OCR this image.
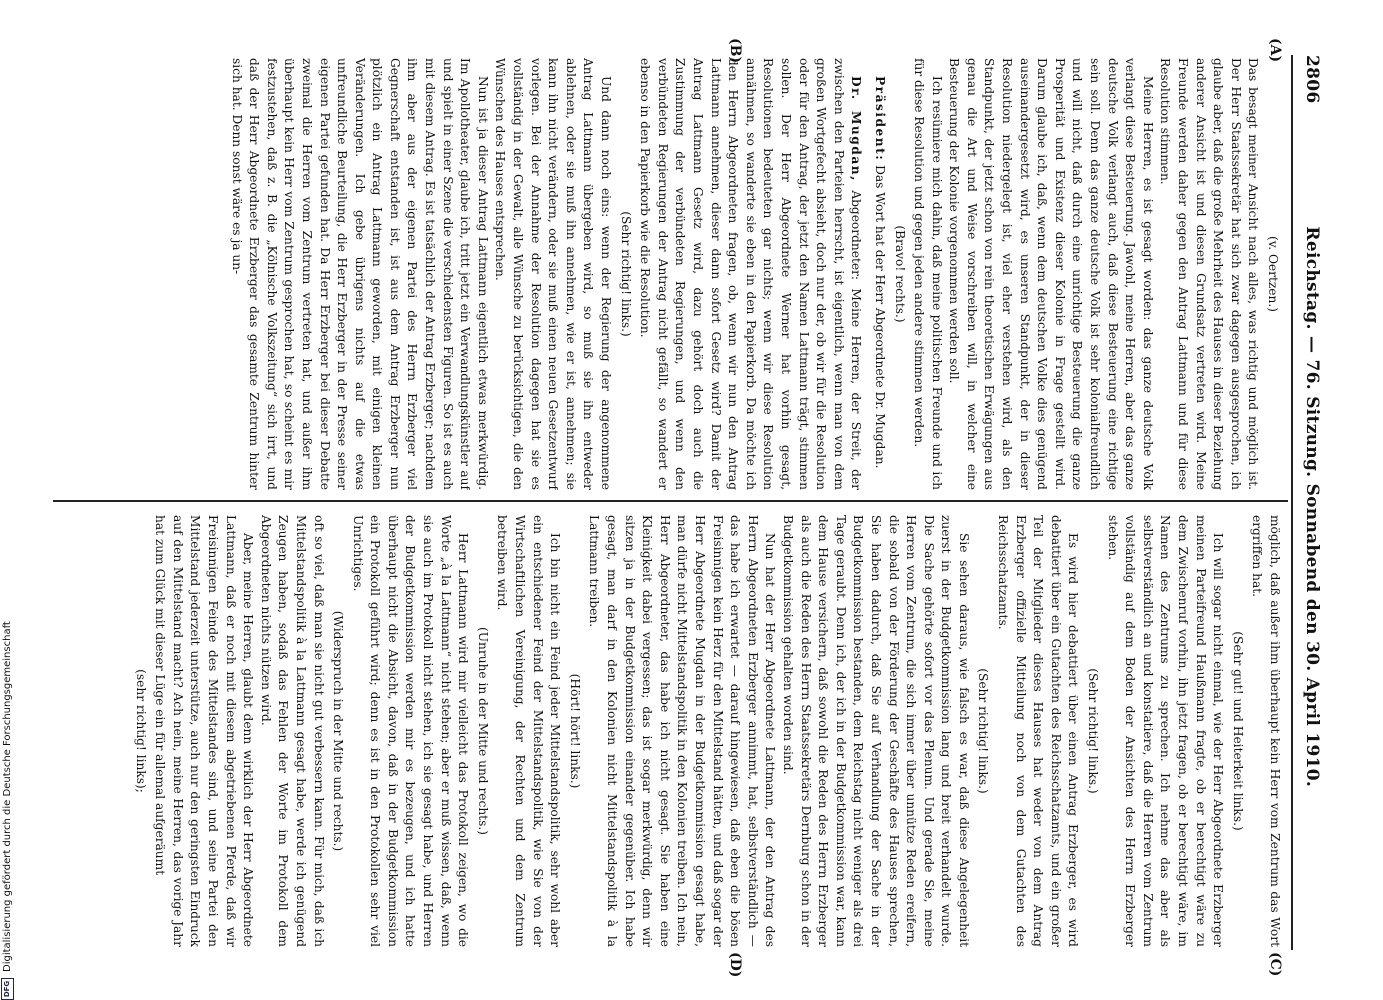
2806
Reichstag. — 76. Sitzung. Sonnabend den 30. April 1910.
(A)
(B)
(C)
(D)

(v. Oertzen.)

Das besagt meiner Ansicht nach alles, was richtig und möglich ist. Der Herr Staatssekretär hat sich zwar dagegen ausgesprochen, ich glaube aber, daß die große Mehrheit des Hauses in dieser Beziehung anderer Ansicht ist und diesen Grundsatz vertreten wird. Meine Freunde werden daher gegen den Antrag Lattmann und für diese Resolution stimmen.

Meine Herren, es ist gesagt worden: das ganze deutsche Volk verlangt diese Besteuerung. Jawohl, meine Herren, aber das ganze deutsche Volk verlangt auch, daß diese Besteuerung eine richtige sein soll. Denn das ganze deutsche Volk ist sehr kolonialfreundlich und will nicht, daß durch eine unrichtige Besteuerung die ganze Prosperität und Existenz dieser Kolonie in Frage gestellt wird. Darum glaube ich, daß, wenn dem deutschen Volke dies genügend auseinandergesetzt wird, es unseren Standpunkt, der in dieser Resolution niedergelegt ist, viel eher verstehen wird, als den Standpunkt, der jetzt schon von rein theoretischen Erwägungen aus genau die Art und Weise vorschreiben will, in welcher eine Besteuerung der Kolonie vorgenommen werden soll.

Ich resümiere mich dahin, daß meine politischen Freunde und ich für diese Resolution und gegen jeden andere stimmen werden.

(Bravo! rechts.)

Präsident: Das Wort hat der Herr Abgeordnete Dr. Mugdan.

Dr. Mugdan, Abgeordneter: Meine Herren, der Streit, der zwischen den Parteien herrscht, ist eigentlich, wenn man von dem großen Wortgefecht absieht, doch nur der, ob wir für die Resolution oder für den Antrag, der jetzt den Namen Lattmann trägt, stimmen sollen. Der Herr Abgeordnete Werner hat vorhin gesagt, Resolutionen bedeuteten gar nichts; wenn wir diese Resolution annähmen, so wanderte sie eben in den Papierkorb. Da möchte ich den Herrn Abgeordneten fragen, ob, wenn wir nun den Antrag Lattmann annehmen, dieser dann sofort Gesetz wird? Damit der Antrag Lattmann Gesetz wird, dazu gehört doch auch die Zustimmung der verbündeten Regierungen, und wenn den verbündeten Regierungen der Antrag nicht gefällt, so wandert er ebenso in den Papierkorb wie die Resolution.

(Sehr richtig! links.)

Und dann noch eins: wenn der Regierung der angenommene Antrag Lattmann übergeben wird, so muß sie ihn entweder ablehnen, oder sie muß ihn annehmen, wie er ist, annehmen; sie kann ihn nicht verändern, oder sie muß einen neuen Gesetzentwurf vorlegen. Bei der Annahme der Resolution dagegen hat sie es vollständig in der Gewalt, alle Wünsche zu berücksichtigen, die den Wünschen des Hauses entsprechen.

Nun ist ja dieser Antrag Lattmann eigentlich etwas merkwürdig. Im Apollotheater, glaube ich, tritt jetzt ein Verwandlungskünstler auf und spielt in einer Szene die verschiedensten Figuren. So ist es auch mit diesem Antrag. Es ist tatsächlich der Antrag Erzberger; nachdem ihm aber aus der eigenen Partei des Herrn Erzberger viel Gegnerschaft entstanden ist, ist aus dem Antrag Erzberger nun plötzlich ein Antrag Lattmann geworden, mit einigen kleinen Veränderungen. Ich gebe übrigens nichts auf die etwas unfreundliche Beurteilung, die Herr Erzberger in der Presse seiner eigenen Partei gefunden hat. Da Herr Erzberger bei dieser Debatte zweimal die Herren vom Zentrum vertreten hat, und außer ihm überhaupt kein Herr vom Zentrum gesprochen hat, so scheint es mir festzustehen, daß z. B. die „Kölnische Volkszeitung“ sich irrt, und daß der Herr Abgeordnete Erzberger das gesamte Zentrum hinter sich hat. Denn sonst wäre es ja un-

möglich, daß außer ihm überhaupt kein Herr vom Zentrum das Wort ergriffen hat.

(Sehr gut! und Heiterkeit links.)

Ich will sogar nicht einmal, wie der Herr Abgeordnete Erzberger meinen Parteifreund Haußmann fragte, ob er berechtigt wäre zu dem Zwischenruf vorhin, ihn jetzt fragen, ob er berechtigt wäre, im Namen des Zentrums zu sprechen. Ich nehme das aber als selbstverständlich an und konstatiere, daß die Herren vom Zentrum vollständig auf dem Boden der Ansichten des Herrn Erzberger stehen.

(Sehr richtig! links.)

Es wird hier debattiert über einen Antrag Erzberger, es wird debattiert über ein Gutachten des Reichsschatzamts, und ein großer Teil der Mitglieder dieses Hauses hat weder von dem Antrag Erzberger offizielle Mitteilung noch von dem Gutachten des Reichsschatzamts.

(Sehr richtig! links.)

Sie sehen daraus, wie falsch es war, daß diese Angelegenheit zuerst in der Budgetkommission lang und breit verhandelt wurde. Die Sache gehörte sofort vor das Plenum. Und gerade Sie, meine Herren vom Zentrum, die sich immer über unnütze Reden ereifern, die sobald von der Förderung der Geschäfte des Hauses sprechen, Sie haben dadurch, daß Sie auf Verhandlung der Sache in der Budgetkommission bestanden, dem Reichstag nicht weniger als drei Tage geraubt. Denn ich, der ich in der Budgetkommission war, kann dem Hause versichern, daß sowohl die Reden des Herrn Erzberger als auch die Reden des Herrn Staatssekretärs Dernburg schon in der Budgetkommission gehalten worden sind.

Nun hat der Herr Abgeordnete Lattmann, der den Antrag des Herrn Abgeordneten Erzberger annimmt, hat, selbstverständlich — das habe ich erwartet — darauf hingewiesen, daß eben die bösen Freisinnigen kein Herz für den Mittelstand hätten, und daß sogar der Herr Abgeordnete Mugdan in der Budgetkommission gesagt habe, man dürfe nicht Mittelstandspolitik in den Kolonien treiben. Ich nein, Herr Abgeordneter, das habe ich nicht gesagt. Sie haben eine Kleinigkeit dabei vergessen; das ist sogar merkwürdig, denn wir sitzen ja in der Budgetkommission einander gegenüber. Ich habe gesagt, man darf in den Kolonien nicht Mittelstandspolitik à la Lattmann treiben.

(Hört! hört! links.)

Ich bin nicht ein Feind jeder Mittelstandspolitik, sehr wohl aber ein entschiedener Feind der Mittelstandspolitik, wie Sie von der Wirtschaftlichen Vereinigung, der Rechten und dem Zentrum betreiben wird.

(Unruhe in der Mitte und rechts.)

Herr Lattmann wird mir vielleicht das Protokoll zeigen, wo die Worte „à la Lattmann“ nicht stehen; aber er muß wissen, daß, wenn sie auch im Protokoll nicht stehen, ich sie gesagt habe, und Herren der Budgetkommission werden mir es bezeugen, und ich hatte überhaupt nicht die Absicht, davon, daß in der Budgetkommission ein Protokoll geführt wird; denn es ist in den Protokollen sehr viel Unrichtiges.

(Widerspruch in der Mitte und rechts.)

oft so viel, daß man sie nicht gut verbessern kann. Für mich, daß ich Mittelstandspolitik à la Lattmann gesagt habe, werde ich genügend Zeugen haben, sodaß das Fehlen der Worte im Protokoll dem Abgeordneten nichts nützen wird.

Aber, meine Herren, glaubt denn wirklich der Herr Abgeordnete Lattmann, daß er noch mit diesem abgetriebenen Pferde, daß wir Freisinnigen Feinde des Mittelstandes sind, und seine Partei den Mittelstand jederzeit unterstütze, auch nur den geringsten Eindruck auf den Mittelstand macht? Ach nein, meine Herren, das vorige Jahr hat zum Glück mit dieser Lüge ein für allemal aufgeräumt

(sehr richtig! links);

DFG
Digitalisierung gefördert durch die Deutsche Forschungsgemeinschaft
